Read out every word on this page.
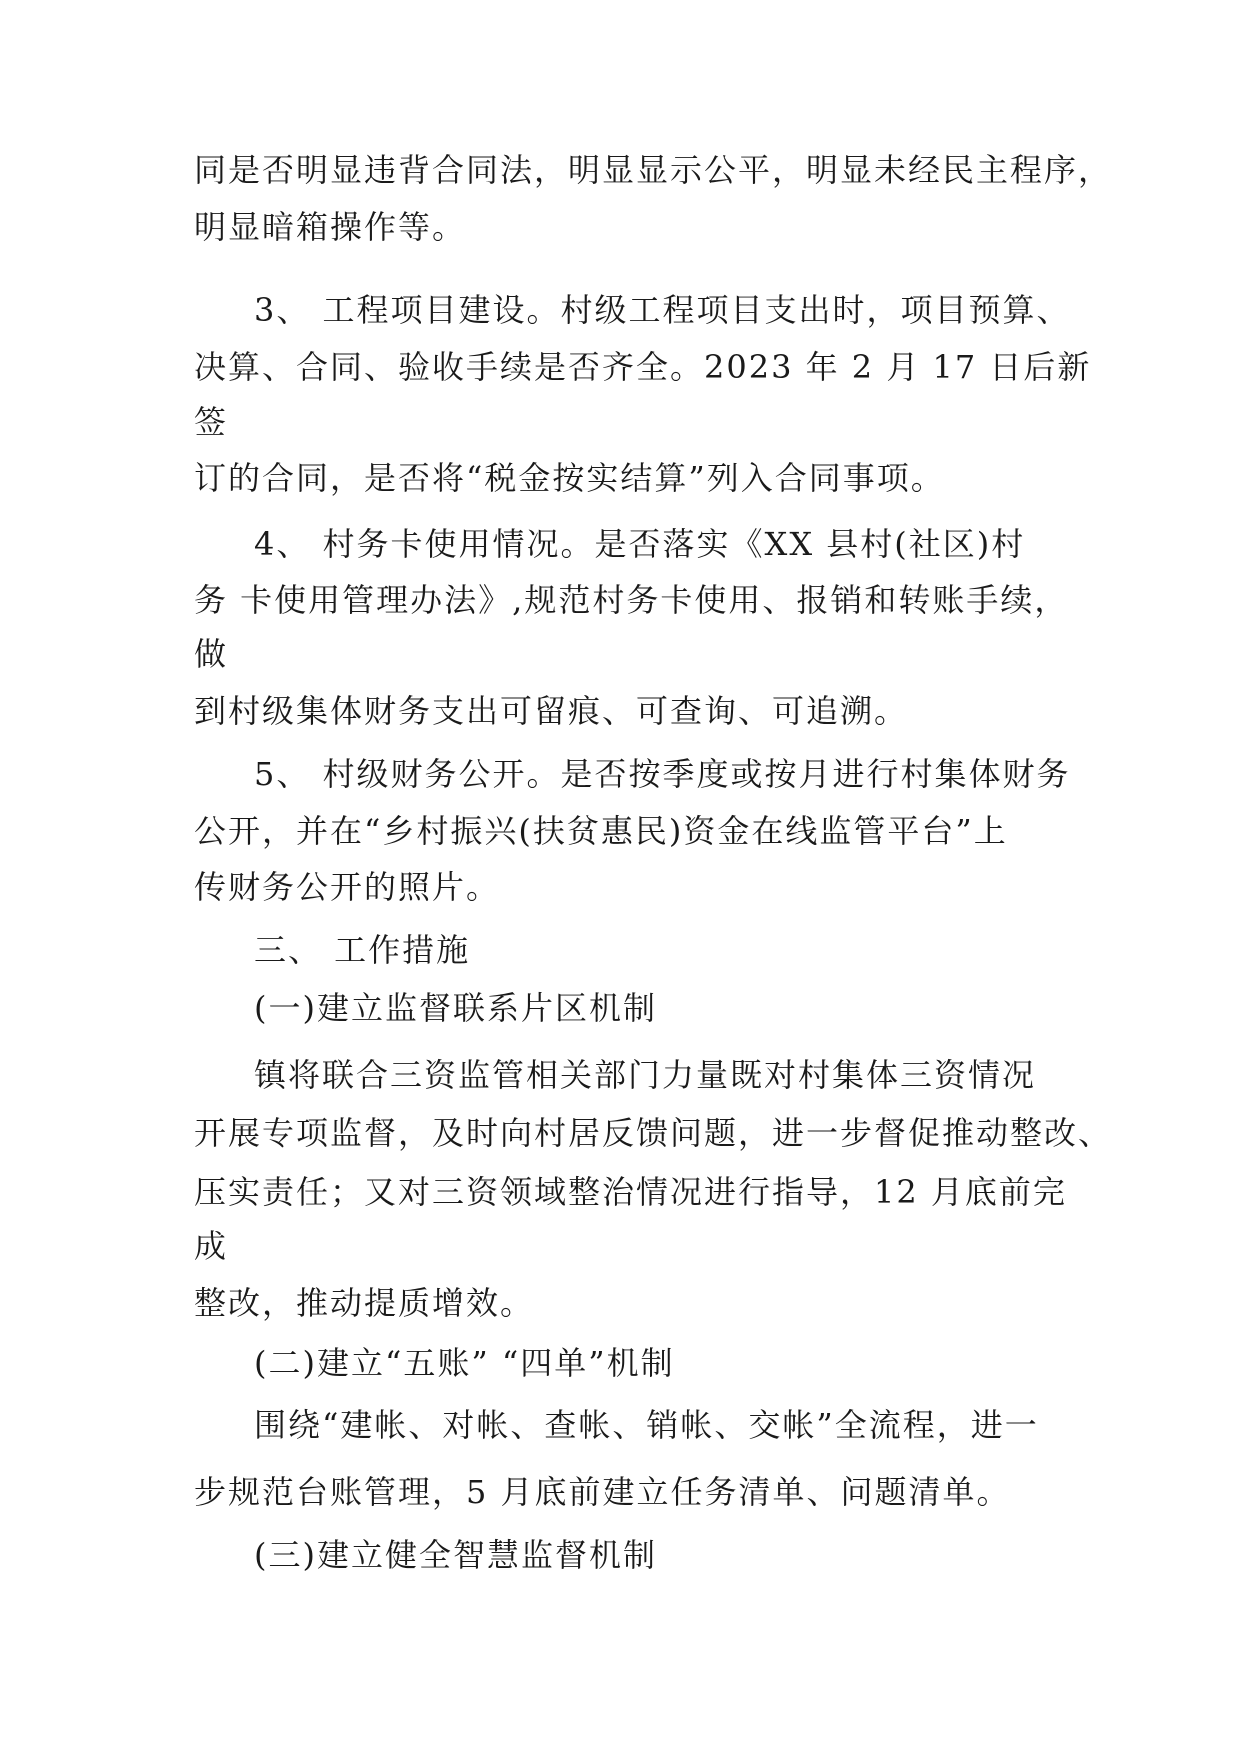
同是否明显违背合同法，明显显示公平，明显未经民主程序，
明显暗箱操作等。
3、 工程项目建设。村级工程项目支出时，项目预算、
决算、合同、验收手续是否齐全。2023 年 2 月 17 日后新
签
订的合同，是否将“税金按实结算”列入合同事项。
4、 村务卡使用情况。是否落实《XX 县村(社区)村
务 卡使用管理办法》,规范村务卡使用、报销和转账手续，
做
到村级集体财务支出可留痕、可查询、可追溯。
5、 村级财务公开。是否按季度或按月进行村集体财务
公开，并在“乡村振兴(扶贫惠民)资金在线监管平台”上
传财务公开的照片。
三、 工作措施
(一)建立监督联系片区机制
镇将联合三资监管相关部门力量既对村集体三资情况
开展专项监督，及时向村居反馈问题，进一步督促推动整改、
压实责任；又对三资领域整治情况进行指导，12 月底前完
成
整改，推动提质增效。
(二)建立“五账” “四单”机制
围绕“建帐、对帐、查帐、销帐、交帐”全流程，进一
步规范台账管理，5 月底前建立任务清单、问题清单。
(三)建立健全智慧监督机制
